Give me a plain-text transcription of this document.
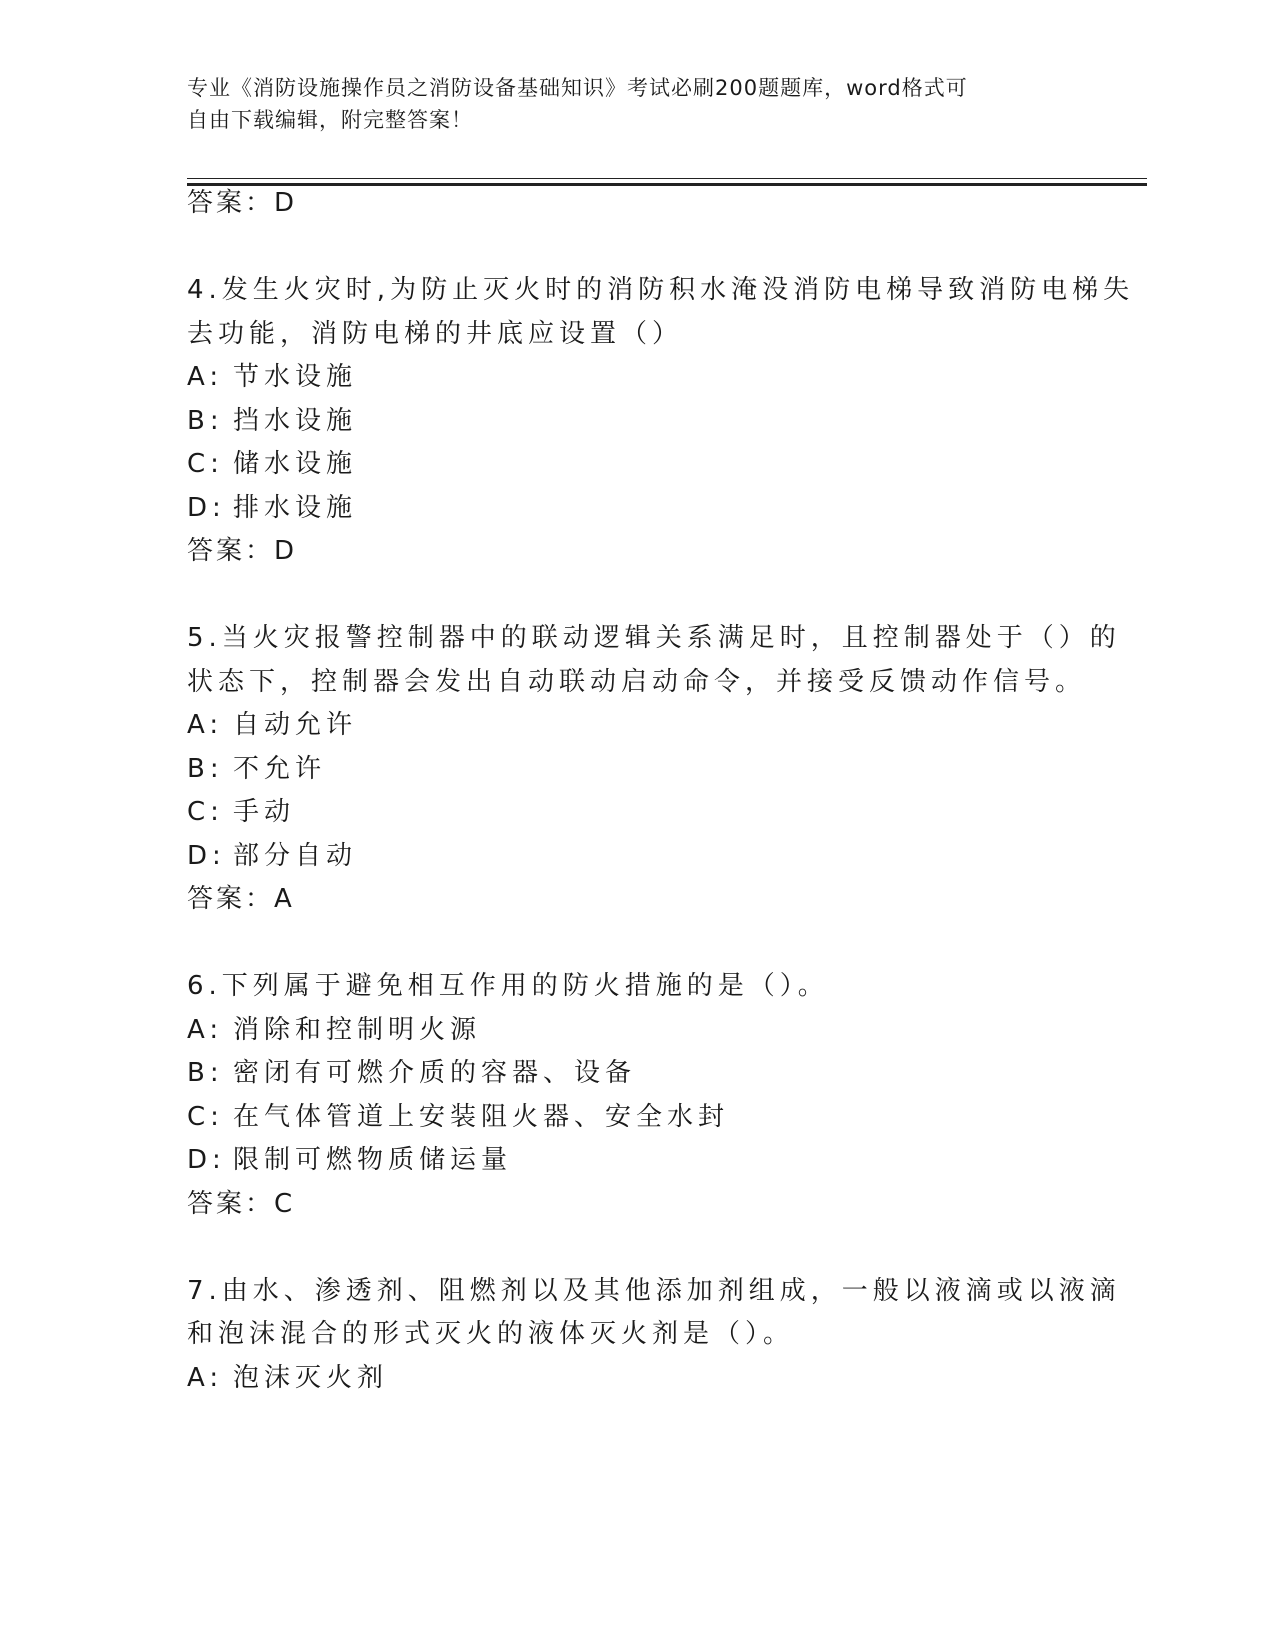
专业《消防设施操作员之消防设备基础知识》考试必刷200题题库，word格式可
自由下载编辑，附完整答案！
答案：D
4.发生火灾时,为防止灭火时的消防积水淹没消防电梯导致消防电梯失
去功能，消防电梯的井底应设置（）
A: 节水设施
B: 挡水设施
C: 储水设施
D: 排水设施
答案：D
5.当火灾报警控制器中的联动逻辑关系满足时，且控制器处于（）的
状态下，控制器会发出自动联动启动命令，并接受反馈动作信号。
A: 自动允许
B: 不允许
C: 手动
D: 部分自动
答案：A
6.下列属于避免相互作用的防火措施的是（）。
A: 消除和控制明火源
B: 密闭有可燃介质的容器、设备
C: 在气体管道上安装阻火器、安全水封
D: 限制可燃物质储运量
答案：C
7.由水、渗透剂、阻燃剂以及其他添加剂组成，一般以液滴或以液滴
和泡沫混合的形式灭火的液体灭火剂是（）。
A: 泡沫灭火剂
